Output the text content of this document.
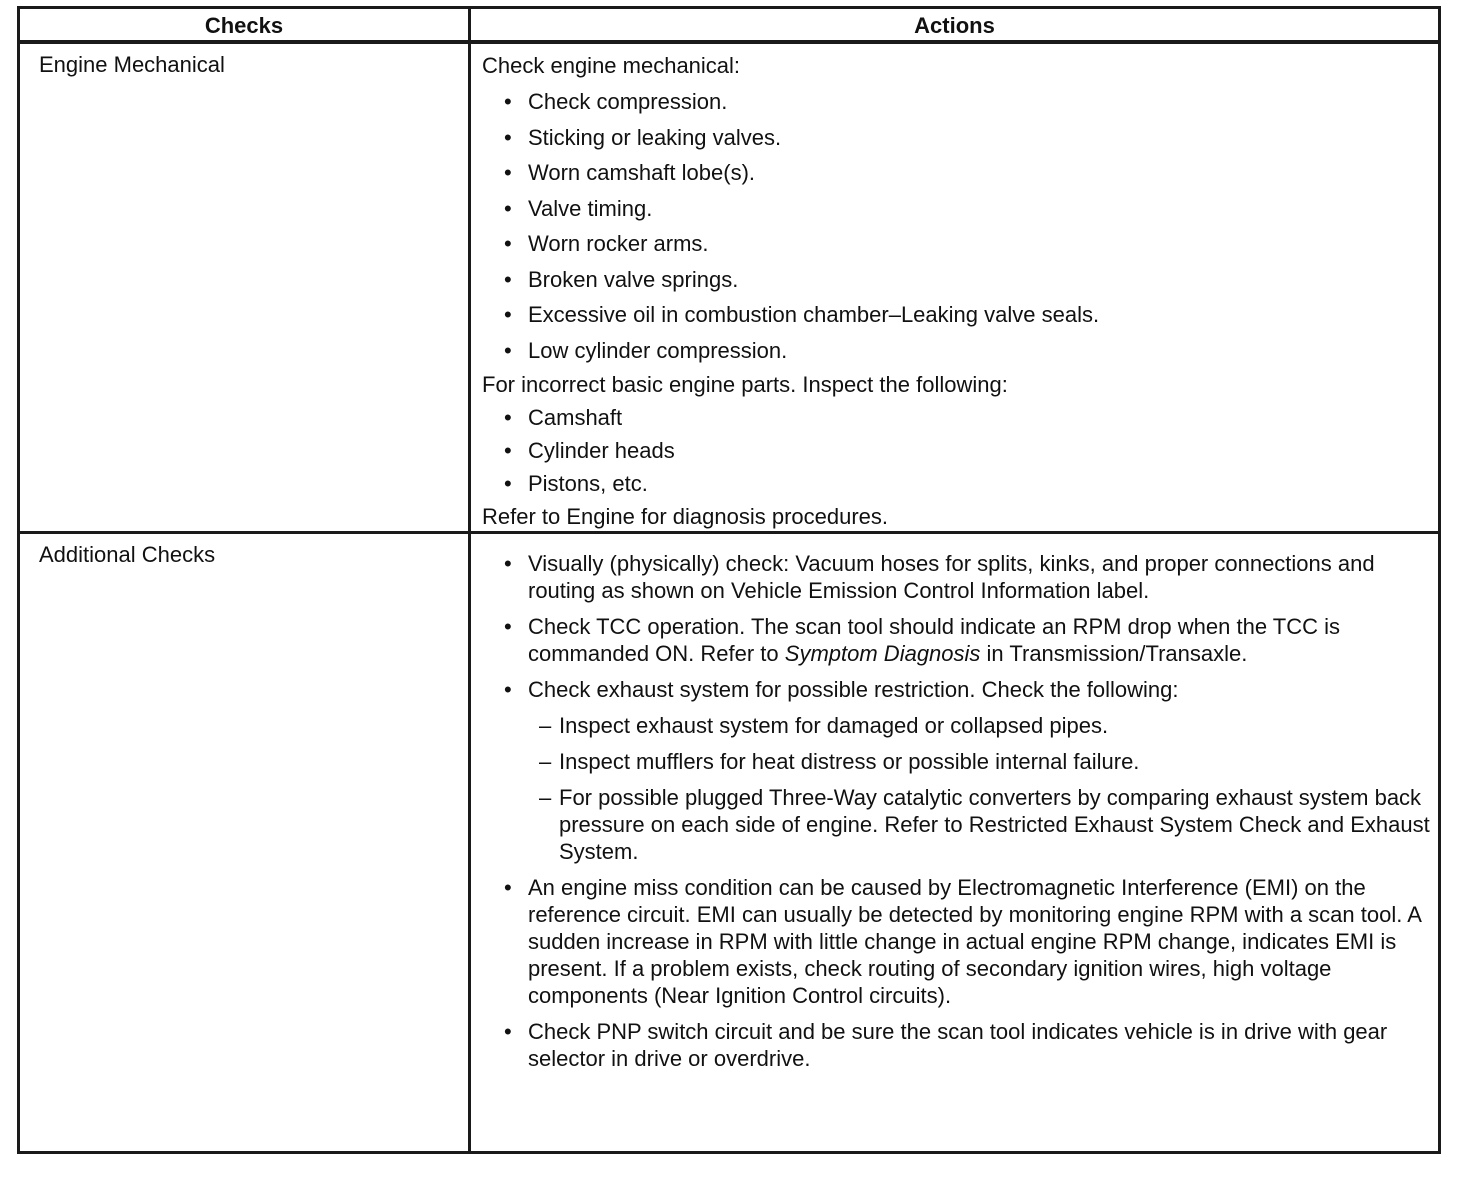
Checks	Actions
Engine Mechanical	Check engine mechanical:
• Check compression.
• Sticking or leaking valves.
• Worn camshaft lobe(s).
• Valve timing.
• Worn rocker arms.
• Broken valve springs.
• Excessive oil in combustion chamber–Leaking valve seals.
• Low cylinder compression.
For incorrect basic engine parts. Inspect the following:
• Camshaft
• Cylinder heads
• Pistons, etc.
Refer to Engine for diagnosis procedures.
Additional Checks	• Visually (physically) check: Vacuum hoses for splits, kinks, and proper connections and routing as shown on Vehicle Emission Control Information label.
• Check TCC operation. The scan tool should indicate an RPM drop when the TCC is commanded ON. Refer to Symptom Diagnosis in Transmission/Transaxle.
• Check exhaust system for possible restriction. Check the following:
– Inspect exhaust system for damaged or collapsed pipes.
– Inspect mufflers for heat distress or possible internal failure.
– For possible plugged Three-Way catalytic converters by comparing exhaust system back pressure on each side of engine. Refer to Restricted Exhaust System Check and Exhaust System.
• An engine miss condition can be caused by Electromagnetic Interference (EMI) on the reference circuit. EMI can usually be detected by monitoring engine RPM with a scan tool. A sudden increase in RPM with little change in actual engine RPM change, indicates EMI is present. If a problem exists, check routing of secondary ignition wires, high voltage components (Near Ignition Control circuits).
• Check PNP switch circuit and be sure the scan tool indicates vehicle is in drive with gear selector in drive or overdrive.
